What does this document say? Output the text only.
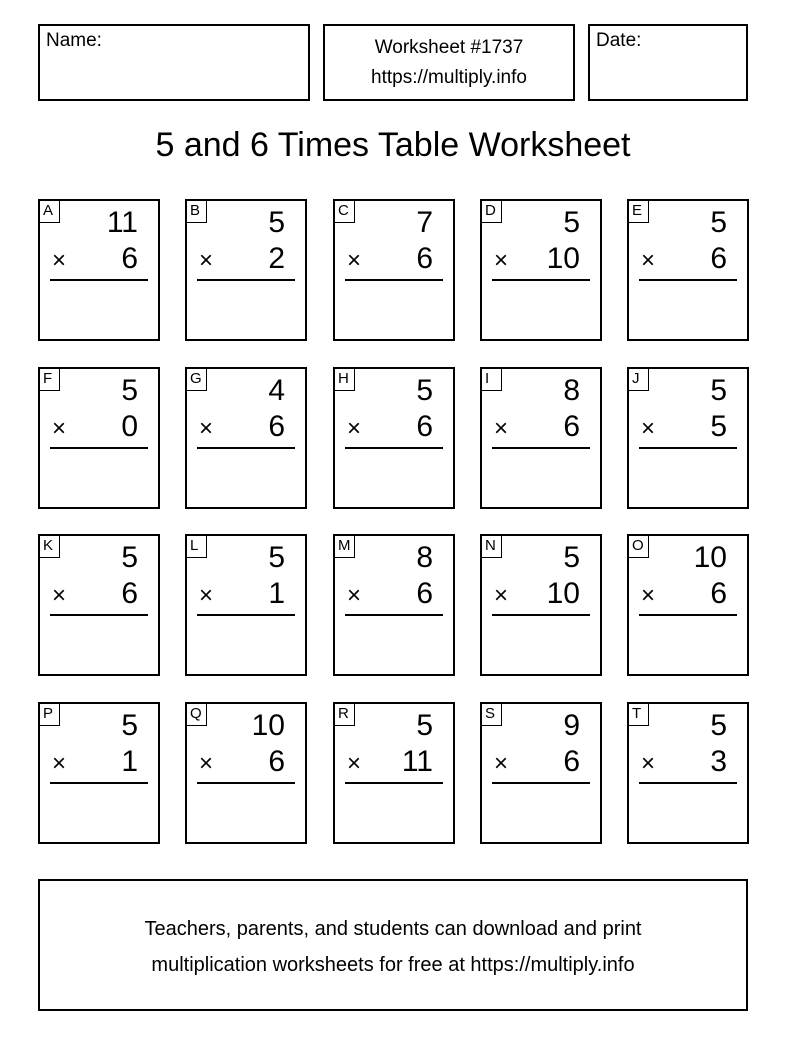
Name:	Worksheet #1737
https://multiply.info
Date:
5 and 6 Times Table Worksheet
A 11
× 6
B 5
× 2
C 7
× 6
D 5
× 10
E 5
× 6
F 5
× 0
G 4
× 6
H 5
× 6
I	8
× 6
J	5
× 5
K 5
× 6
L 5
× 1
M 8
× 6
N 5
× 10
O 10
× 6
P 5
× 1
Q 10
× 6
R 5
× 11
S 9
× 6
T 5
× 3
Teachers, parents, and students can download and print
multiplication worksheets for free at https://multiply.info
